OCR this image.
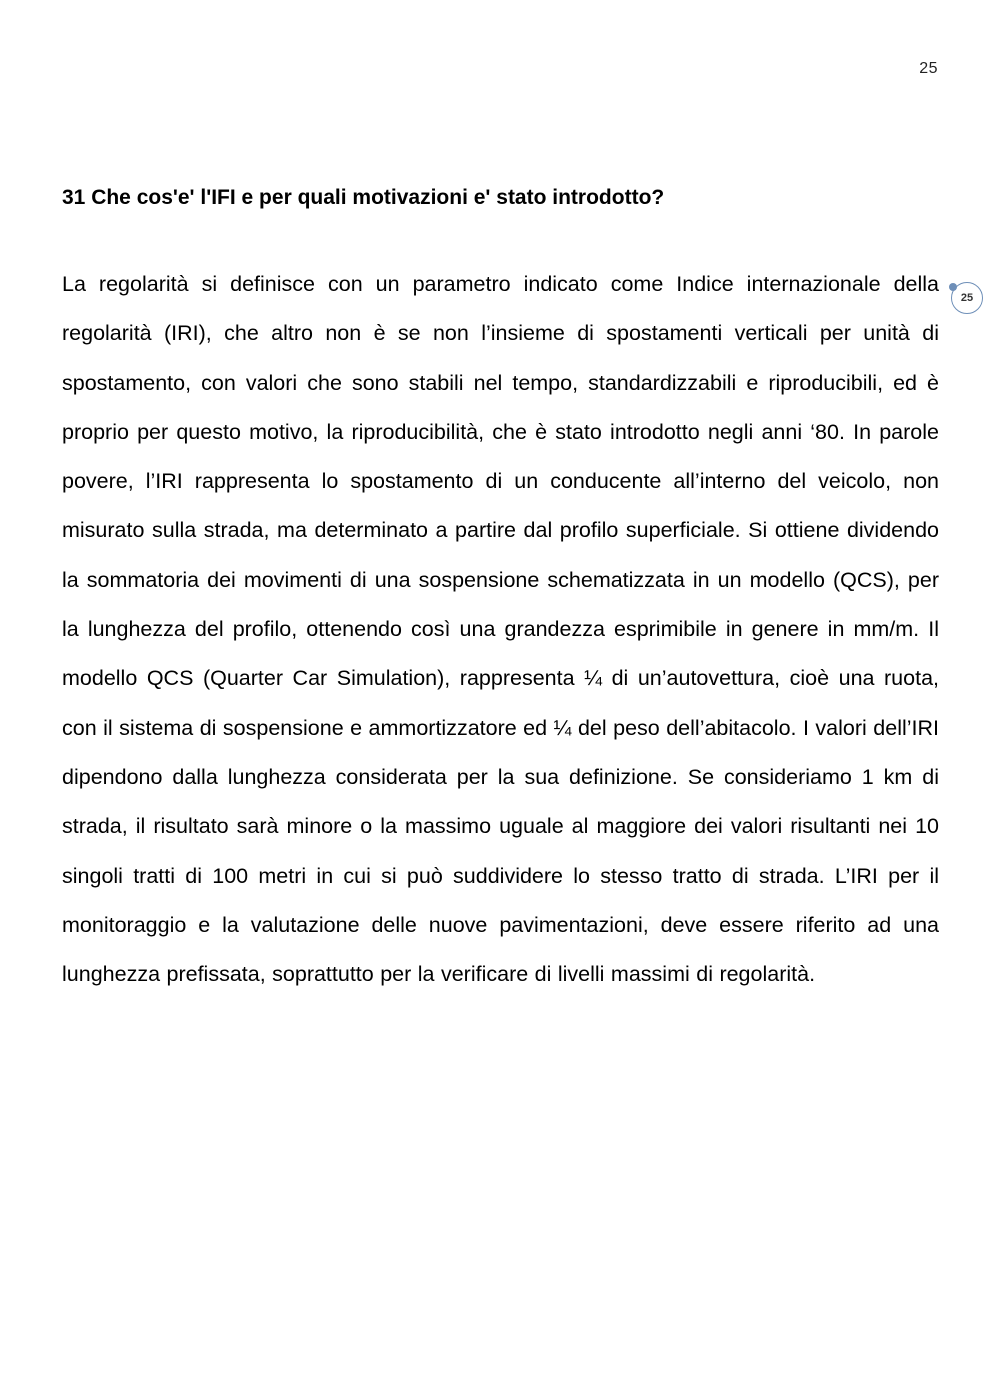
25
25
31 Che cos'e' l'IFI e per quali motivazioni e' stato introdotto?

La regolarità si definisce con un parametro indicato come Indice internazionale della regolarità (IRI), che altro non è se non l’insieme di spostamenti verticali per unità di spostamento, con valori che sono stabili nel tempo, standardizzabili e riproducibili, ed è proprio per questo motivo, la riproducibilità, che è stato introdotto negli anni ‘80. In parole povere, l’IRI rappresenta lo spostamento di un conducente all’interno del veicolo, non misurato sulla strada, ma determinato a partire dal profilo superficiale. Si ottiene dividendo la sommatoria dei movimenti di una sospensione schematizzata in un modello (QCS), per la lunghezza del profilo, ottenendo così una grandezza esprimibile in genere in mm/m. Il modello QCS (Quarter Car Simulation), rappresenta ¼ di un’autovettura, cioè una ruota, con il sistema di sospensione e ammortizzatore ed ¼ del peso dell’abitacolo. I valori dell’IRI dipendono dalla lunghezza considerata per la sua definizione. Se consideriamo 1 km di strada, il risultato sarà minore o la massimo uguale al maggiore dei valori risultanti nei 10 singoli tratti di 100 metri in cui si può suddividere lo stesso tratto di strada. L’IRI per il monitoraggio e la valutazione delle nuove pavimentazioni, deve essere riferito ad una lunghezza prefissata, soprattutto per la verificare di livelli massimi di regolarità.
